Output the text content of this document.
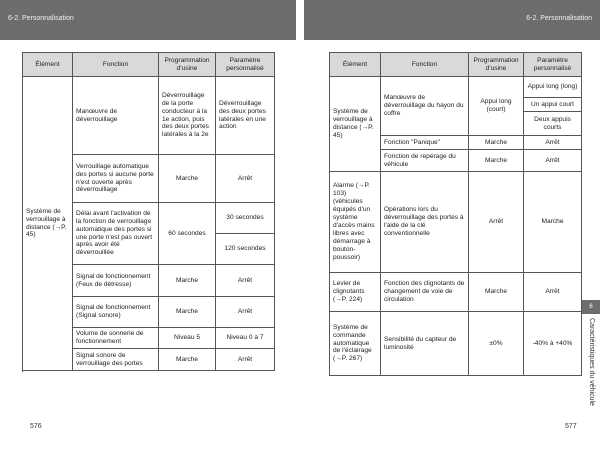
6-2. Personnalisation	6-2. Personnalisation
Élément	Fonction	Programmation d'usine	Paramètre personnalisé
Système de verrouillage à distance (→P. 45)	Manœuvre de déverrouillage	Déverrouillage de la porte conducteur à la 1e action, puis des deux portes latérales à la 2e	Déverrouillage des deux portes latérales en une action
	Verrouillage automatique des portes si aucune porte n'est ouverte après déverrouillage	Marche	Arrêt
	Délai avant l'activation de la fonction de verrouillage automatique des portes si une porte n'est pas ouvert après avoir été déverrouillée	60 secondes	30 secondes
			120 secondes
	Signal de fonctionnement (Feux de détresse)	Marche	Arrêt
	Signal de fonctionnement (Signal sonore)	Marche	Arrêt
	Volume de sonnerie de fonctionnement	Niveau 5	Niveau 0 à 7
	Signal sonore de verrouillage des portes	Marche	Arrêt

Élément	Fonction	Programmation d'usine	Paramètre personnalisé
Système de verrouillage à distance (→P. 45)	Manœuvre de déverrouillage du hayon du coffre	Appui long (court)	Appui long (long)
			Un appui court
			Deux appuis courts
	Fonction "Panique"	Marche	Arrêt
	Fonction de repérage du véhicule	Marche	Arrêt
Alarme (→P. 103) (véhicules équipés d'un système d'accès mains libres avec démarrage à bouton-poussoir)	Opérations lors du déverrouillage des portes à l'aide de la clé conventionnelle	Arrêt	Marche
Levier de clignotants (→P. 224)	Fonction des clignotants de changement de voie de circulation	Marche	Arrêt
Système de commande automatique de l'éclairage (→P. 267)	Sensibilité du capteur de luminosité	±0%	-40% à +40%
6
Caractéristiques du véhicule
576	577
